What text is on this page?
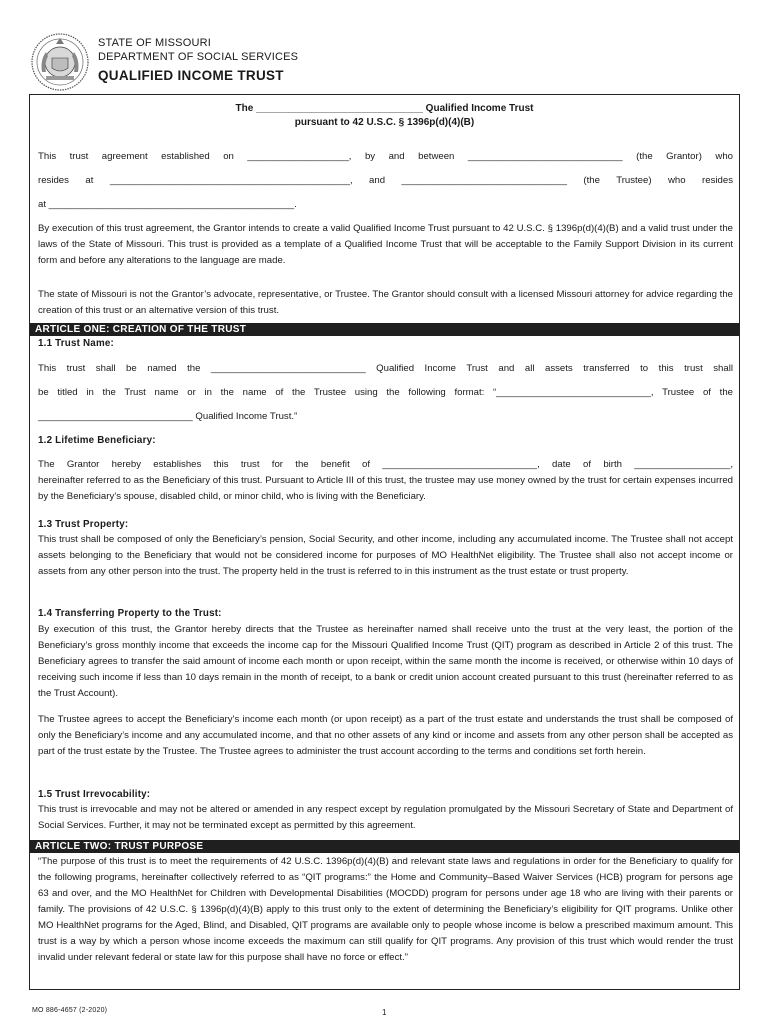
STATE OF MISSOURI
DEPARTMENT OF SOCIAL SERVICES
QUALIFIED INCOME TRUST
The ______________________________ Qualified Income Trust
pursuant to 42 U.S.C. § 1396p(d)(4)(B)
This trust agreement established on ___________________, by and between _____________________________ (the Grantor) who
resides at _____________________________________________, and _______________________________ (the Trustee) who resides
at ______________________________________________.
By execution of this trust agreement, the Grantor intends to create a valid Qualified Income Trust pursuant to 42 U.S.C. § 1396p(d)(4)(B) and a valid trust under the laws of the State of Missouri. This trust is provided as a template of a Qualified Income Trust that will be acceptable to the Family Support Division in its current form and before any alterations to the language are made.
The state of Missouri is not the Grantor’s advocate, representative, or Trustee. The Grantor should consult with a licensed Missouri attorney for advice regarding the creation of this trust or an alternative version of this trust.
ARTICLE ONE: CREATION OF THE TRUST
1.1 Trust Name:
This trust shall be named the _____________________________ Qualified Income Trust and all assets transferred to this trust shall
be titled in the Trust name or in the name of the Trustee using the following format: “_____________________________, Trustee of the
_____________________________ Qualified Income Trust.”
1.2 Lifetime Beneficiary:
The Grantor hereby establishes this trust for the benefit of _____________________________, date of birth __________________,
hereinafter referred to as the Beneficiary of this trust. Pursuant to Article III of this trust, the trustee may use money owned by the trust for certain expenses incurred by the Beneficiary’s spouse, disabled child, or minor child, who is living with the Beneficiary.
1.3 Trust Property:
This trust shall be composed of only the Beneficiary’s pension, Social Security, and other income, including any accumulated income. The Trustee shall not accept assets belonging to the Beneficiary that would not be considered income for purposes of MO HealthNet eligibility. The Trustee shall also not accept income or assets from any other person into the trust. The property held in the trust is referred to in this instrument as the trust estate or trust property.
1.4 Transferring Property to the Trust:
By execution of this trust, the Grantor hereby directs that the Trustee as hereinafter named shall receive unto the trust at the very least, the portion of the Beneficiary’s gross monthly income that exceeds the income cap for the Missouri Qualified Income Trust (QIT) program as described in Article 2 of this trust. The Beneficiary agrees to transfer the said amount of income each month or upon receipt, within the same month the income is received, or otherwise within 10 days of receiving such income if less than 10 days remain in the month of receipt, to a bank or credit union account created pursuant to this trust (hereinafter referred to as the Trust Account).
The Trustee agrees to accept the Beneficiary’s income each month (or upon receipt) as a part of the trust estate and understands the trust shall be composed of only the Beneficiary’s income and any accumulated income, and that no other assets of any kind or income and assets from any other person shall be accepted as part of the trust estate by the Trustee. The Trustee agrees to administer the trust account according to the terms and conditions set forth herein.
1.5 Trust Irrevocability:
This trust is irrevocable and may not be altered or amended in any respect except by regulation promulgated by the Missouri Secretary of State and Department of Social Services. Further, it may not be terminated except as permitted by this agreement.
ARTICLE TWO: TRUST PURPOSE
“The purpose of this trust is to meet the requirements of 42 U.S.C. 1396p(d)(4)(B) and relevant state laws and regulations in order for the Beneficiary to qualify for the following programs, hereinafter collectively referred to as “QIT programs:” the Home and Community–Based Waiver Services (HCB) program for persons age 63 and over, and the MO HealthNet for Children with Developmental Disabilities (MOCDD) program for persons under age 18 who are living with their parents or family. The provisions of 42 U.S.C. § 1396p(d)(4)(B) apply to this trust only to the extent of determining the Beneficiary’s eligibility for QIT programs. Unlike other MO HealthNet programs for the Aged, Blind, and Disabled, QIT programs are available only to people whose income is below a prescribed maximum amount. This trust is a way by which a person whose income exceeds the maximum can still qualify for QIT programs. Any provision of this trust which would render the trust invalid under relevant federal or state law for this purpose shall have no force or effect.”
MO 886-4657 (2-2020)	1
